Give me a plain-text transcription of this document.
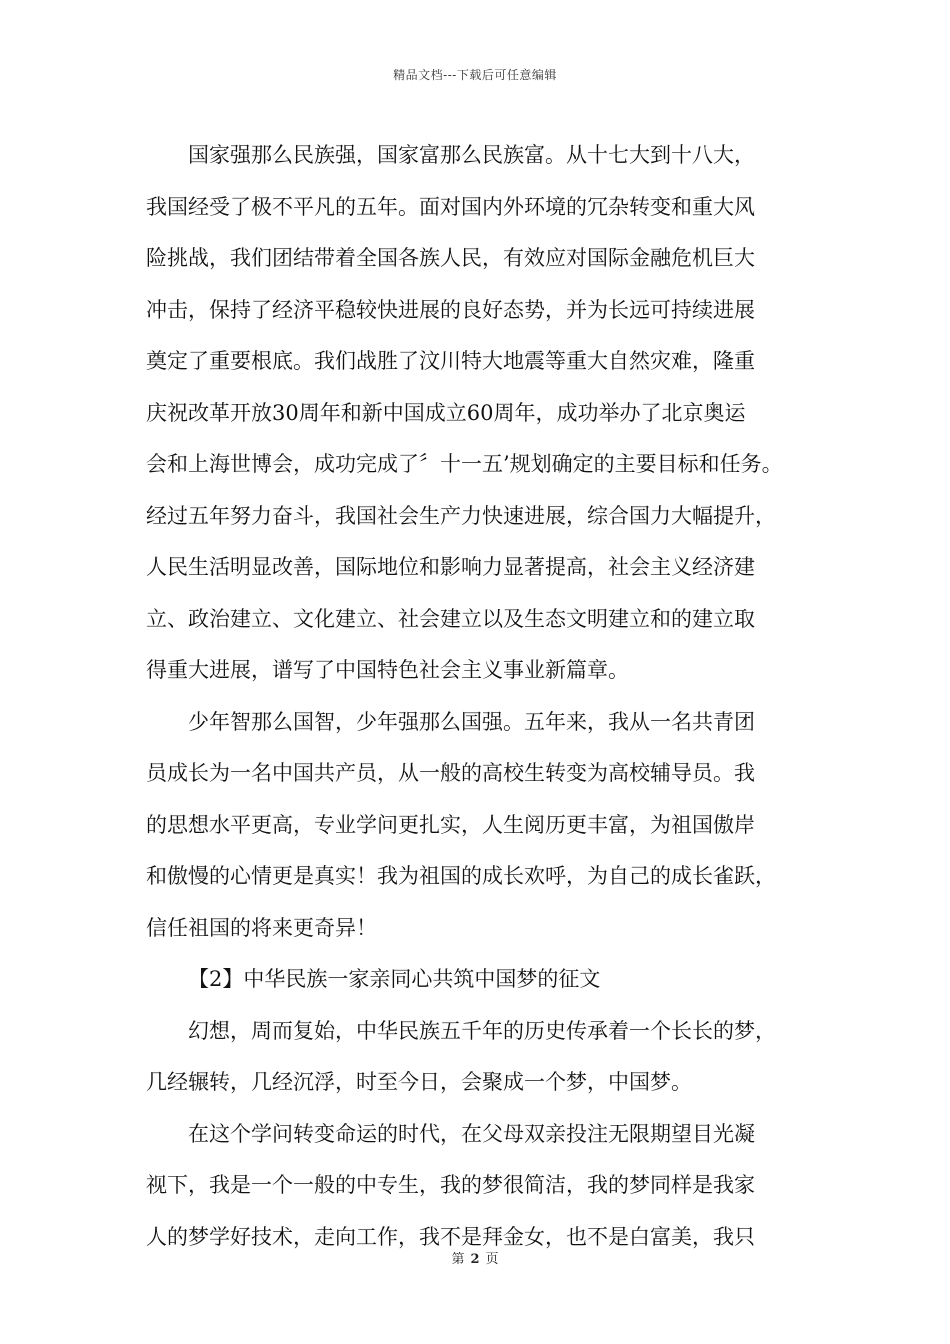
精品文档---下载后可任意编辑
国家强那么民族强，国家富那么民族富。从十七大到十八大，
我国经受了极不平凡的五年。面对国内外环境的冗杂转变和重大风
险挑战，我们团结带着全国各族人民，有效应对国际金融危机巨大
冲击，保持了经济平稳较快进展的良好态势，并为长远可持续进展
奠定了重要根底。我们战胜了汶川特大地震等重大自然灾难，隆重
庆祝改革开放30周年和新中国成立60周年，成功举办了北京奥运
会和上海世博会，成功完成了〞十一五’规划确定的主要目标和任务。
经过五年努力奋斗，我国社会生产力快速进展，综合国力大幅提升，
人民生活明显改善，国际地位和影响力显著提高，社会主义经济建
立、政治建立、文化建立、社会建立以及生态文明建立和的建立取
得重大进展，谱写了中国特色社会主义事业新篇章。
少年智那么国智，少年强那么国强。五年来，我从一名共青团
员成长为一名中国共产员，从一般的高校生转变为高校辅导员。我
的思想水平更高，专业学问更扎实，人生阅历更丰富，为祖国傲岸
和傲慢的心情更是真实！我为祖国的成长欢呼，为自己的成长雀跃，
信任祖国的将来更奇异！
【2】中华民族一家亲同心共筑中国梦的征文
幻想，周而复始，中华民族五千年的历史传承着一个长长的梦，
几经辗转，几经沉浮，时至今日，会聚成一个梦，中国梦。
在这个学问转变命运的时代，在父母双亲投注无限期望目光凝
视下，我是一个一般的中专生，我的梦很简洁，我的梦同样是我家
人的梦学好技术，走向工作，我不是拜金女，也不是白富美，我只
第 2 页
